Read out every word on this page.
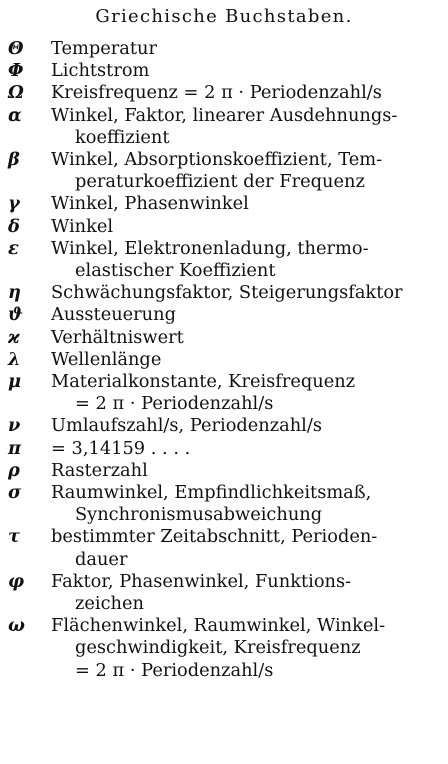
Griechische Buchstaben.
Θ	Temperatur
Φ	Lichtstrom
Ω	Kreisfrequenz = 2 π · Periodenzahl/s
α	Winkel, Faktor, linearer Ausdehnungs-
koeffizient
β	Winkel, Absorptionskoeffizient, Tem-
peraturkoeffizient der Frequenz
γ	Winkel, Phasenwinkel
δ	Winkel
ε	Winkel, Elektronenladung, thermo-
elastischer Koeffizient
η	Schwächungsfaktor, Steigerungsfaktor
ϑ	Aussteuerung
ϰ	Verhältniswert
λ	Wellenlänge
μ	Materialkonstante, Kreisfrequenz
= 2 π · Periodenzahl/s
ν	Umlaufszahl/s, Periodenzahl/s
π	= 3,14159 . . . .
ρ	Rasterzahl
σ	Raumwinkel, Empfindlichkeitsmaß,
Synchronismusabweichung
τ	bestimmter Zeitabschnitt, Perioden-
dauer
φ	Faktor, Phasenwinkel, Funktions-
zeichen
ω	Flächenwinkel, Raumwinkel, Winkel-
geschwindigkeit, Kreisfrequenz
= 2 π · Periodenzahl/s
